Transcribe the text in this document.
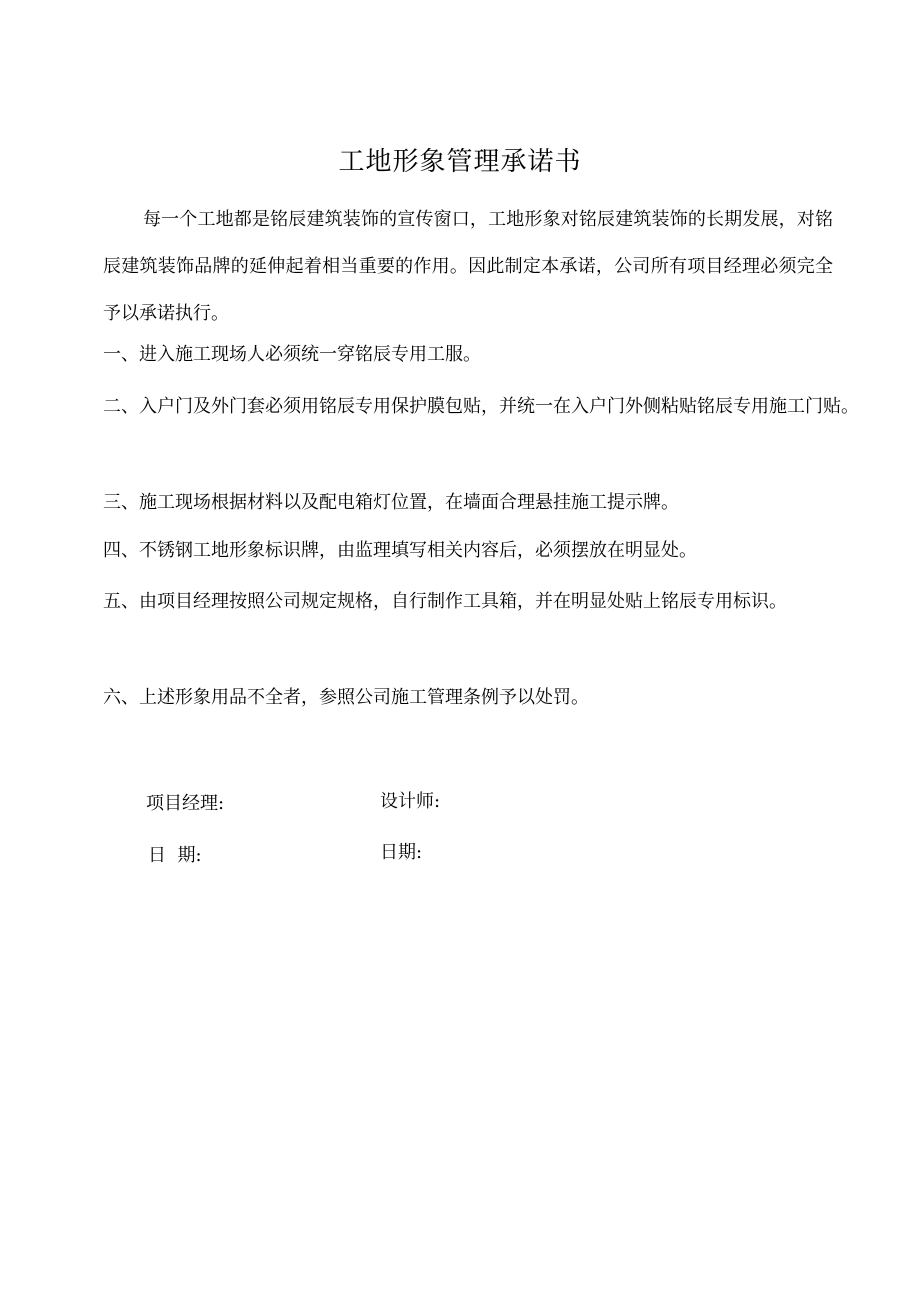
工地形象管理承诺书

每一个工地都是铭辰建筑装饰的宣传窗口，工地形象对铭辰建筑装饰的长期发展，对铭辰建筑装饰品牌的延伸起着相当重要的作用。因此制定本承诺，公司所有项目经理必须完全予以承诺执行。

一、进入施工现场人必须统一穿铭辰专用工服。

二、入户门及外门套必须用铭辰专用保护膜包贴，并统一在入户门外侧粘贴铭辰专用施工门贴。

三、施工现场根据材料以及配电箱灯位置，在墙面合理悬挂施工提示牌。

四、不锈钢工地形象标识牌，由监理填写相关内容后，必须摆放在明显处。

五、由项目经理按照公司规定规格，自行制作工具箱，并在明显处贴上铭辰专用标识。

六、上述形象用品不全者，参照公司施工管理条例予以处罚。

项目经理:	设计师:
日  期:	日期:
